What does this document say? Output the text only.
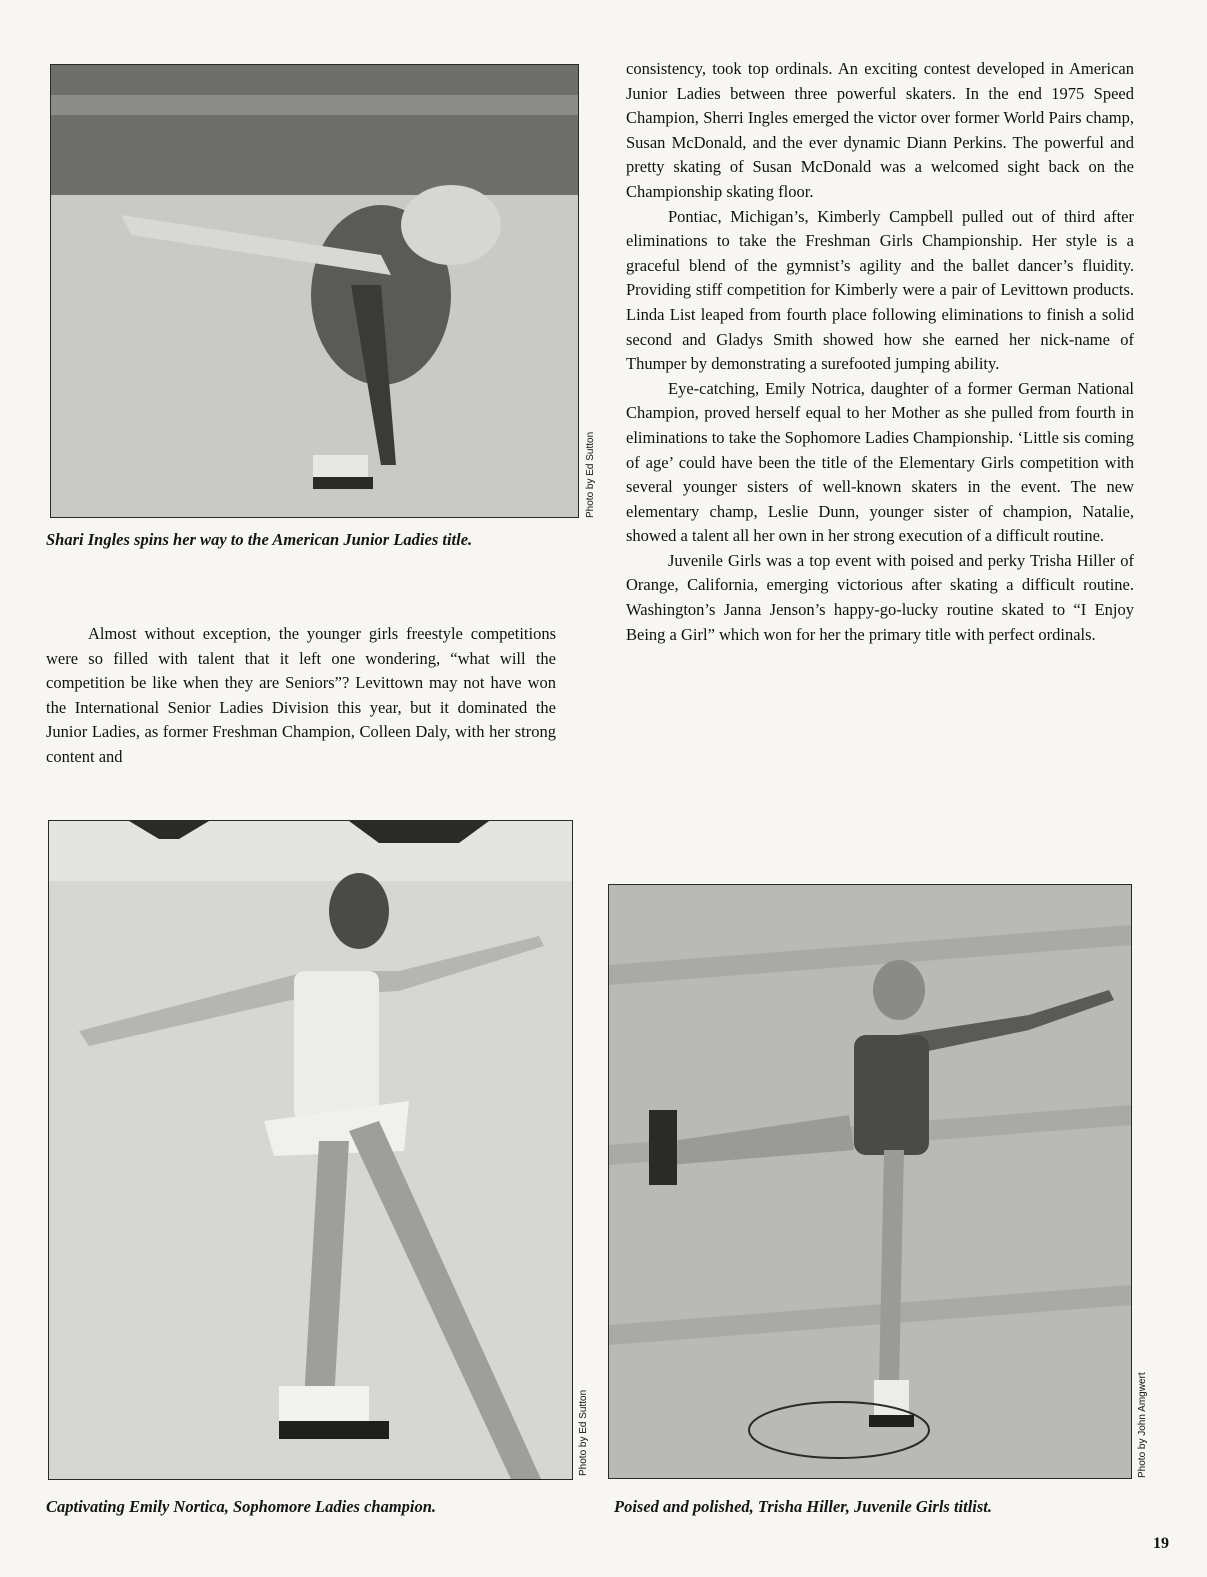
Photo by Ed Sutton
Shari Ingles spins her way to the American Junior Ladies title.

Almost without exception, the younger girls freestyle competitions were so filled with talent that it left one wondering, “what will the competition be like when they are Seniors”? Levittown may not have won the International Senior Ladies Division this year, but it dominated the Junior Ladies, as former Freshman Champion, Colleen Daly, with her strong content and

consistency, took top ordinals. An exciting contest developed in American Junior Ladies between three powerful skaters. In the end 1975 Speed Champion, Sherri Ingles emerged the victor over former World Pairs champ, Susan McDonald, and the ever dynamic Diann Perkins. The powerful and pretty skating of Susan McDonald was a welcomed sight back on the Championship skating floor.

Pontiac, Michigan’s, Kimberly Campbell pulled out of third after eliminations to take the Freshman Girls Championship. Her style is a graceful blend of the gymnist’s agility and the ballet dancer’s fluidity. Providing stiff competition for Kimberly were a pair of Levittown products. Linda List leaped from fourth place following eliminations to finish a solid second and Gladys Smith showed how she earned her nick-name of Thumper by demonstrating a surefooted jumping ability.

Eye-catching, Emily Notrica, daughter of a former German National Champion, proved herself equal to her Mother as she pulled from fourth in eliminations to take the Sophomore Ladies Championship. ‘Little sis coming of age’ could have been the title of the Elementary Girls competition with several younger sisters of well-known skaters in the event. The new elementary champ, Leslie Dunn, younger sister of champion, Natalie, showed a talent all her own in her strong execution of a difficult routine.

Juvenile Girls was a top event with poised and perky Trisha Hiller of Orange, California, emerging victorious after skating a difficult routine. Washington’s Janna Jenson’s happy-go-lucky routine skated to “I Enjoy Being a Girl” which won for her the primary title with perfect ordinals.

Photo by Ed Sutton
Captivating Emily Nortica, Sophomore Ladies champion.
Photo by John Amgwert
Poised and polished, Trisha Hiller, Juvenile Girls titlist.
19
